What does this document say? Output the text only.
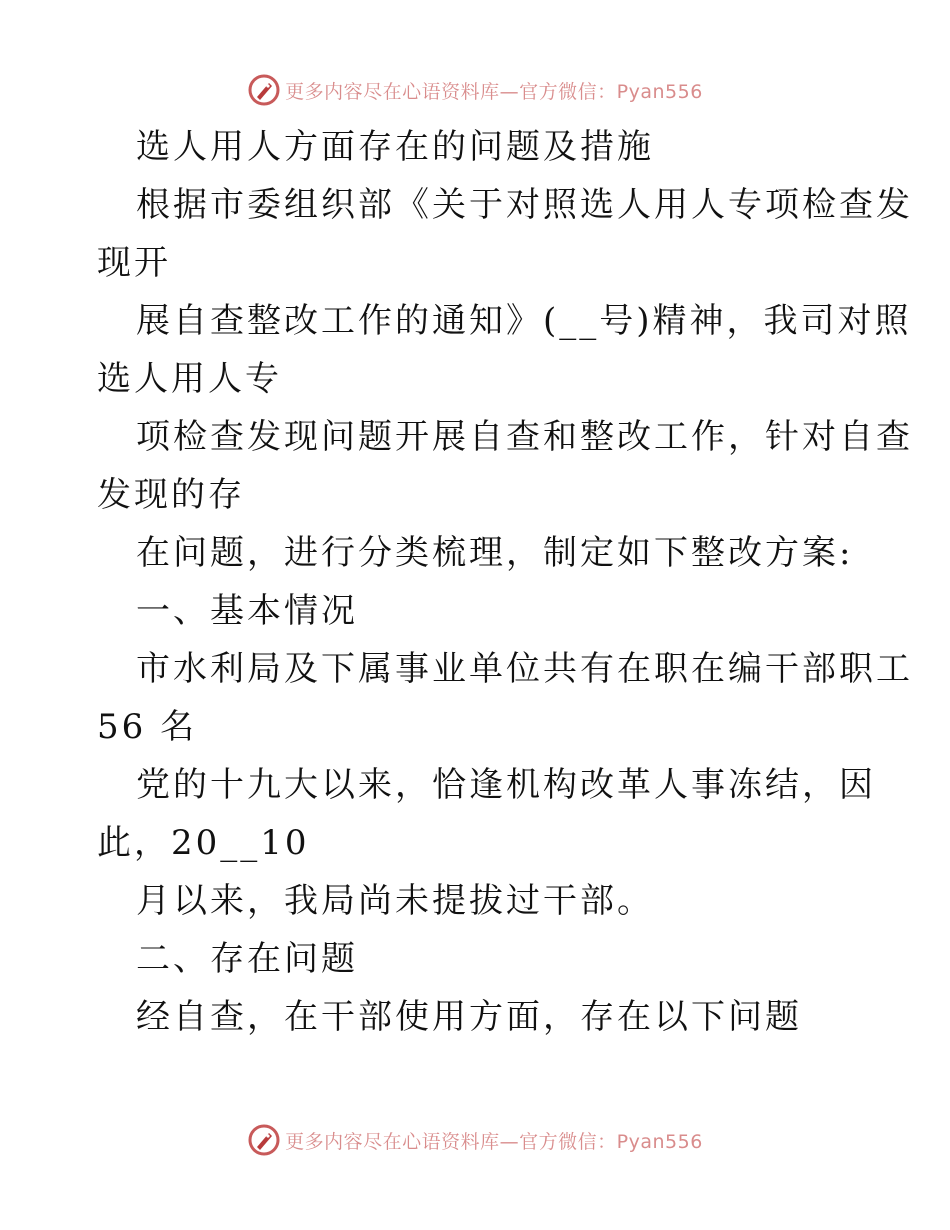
更多内容尽在心语资料库—官方微信：Pyan556
选人用人方面存在的问题及措施
根据市委组织部《关于对照选人用人专项检查发
现开
展自查整改工作的通知》(__号)精神，我司对照
选人用人专
项检查发现问题开展自查和整改工作，针对自查
发现的存
在问题，进行分类梳理，制定如下整改方案:
一、基本情况
市水利局及下属事业单位共有在职在编干部职工
56 名
党的十九大以来，恰逢机构改革人事冻结，因
此，20__10
月以来，我局尚未提拔过干部。
二、存在问题
经自查，在干部使用方面，存在以下问题
更多内容尽在心语资料库—官方微信：Pyan556
